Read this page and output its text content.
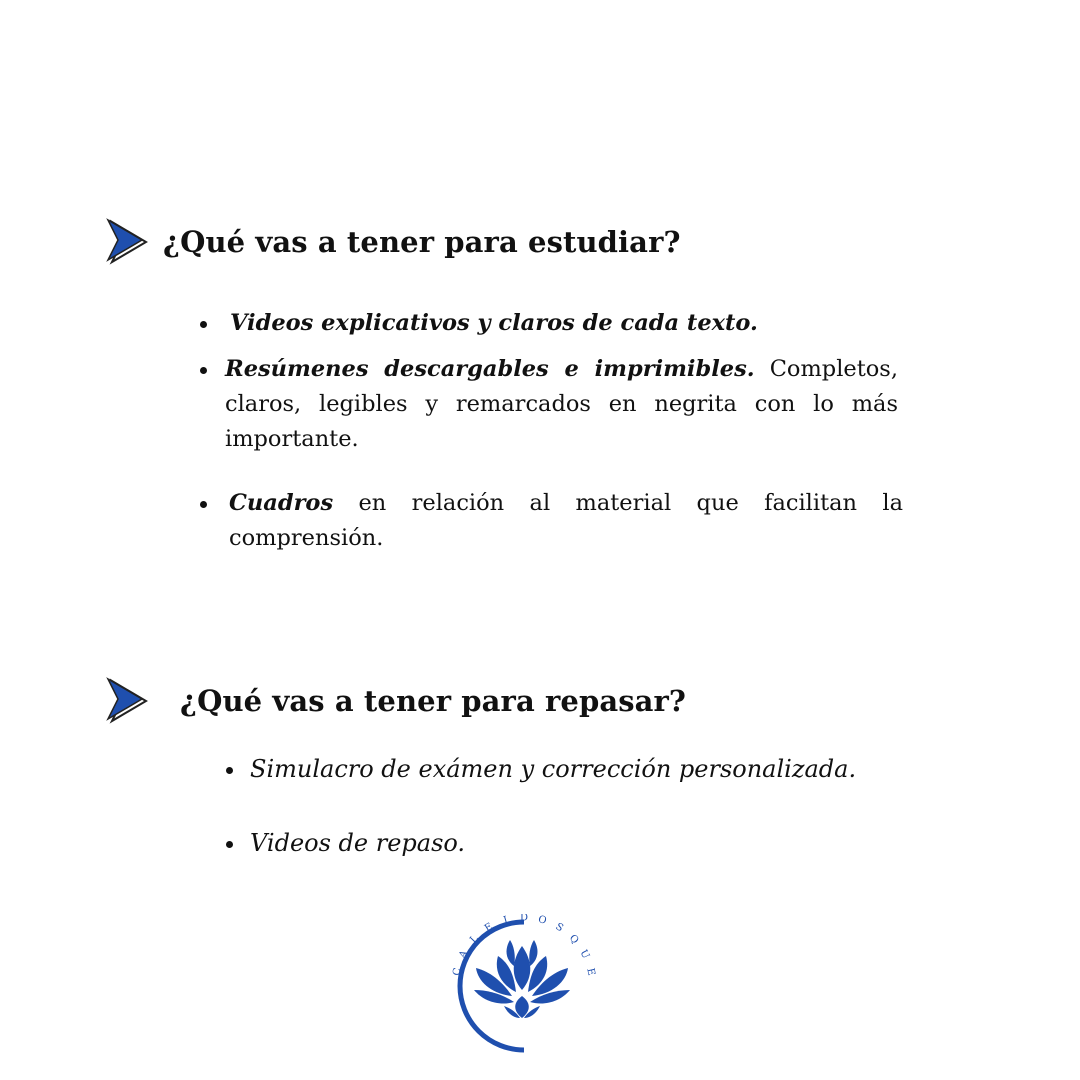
¿Qué vas a tener para estudiar?
Videos explicativos y claros de cada texto.
Resúmenes descargables e imprimibles. Completos, claros, legibles y remarcados en negrita con lo más importante.
Cuadros en relación al material que facilitan la comprensión.
¿Qué vas a tener para repasar?
Simulacro de exámen y corrección personalizada.
Videos de repaso.
C
A
L
E
I D O
S
Q
U
E
